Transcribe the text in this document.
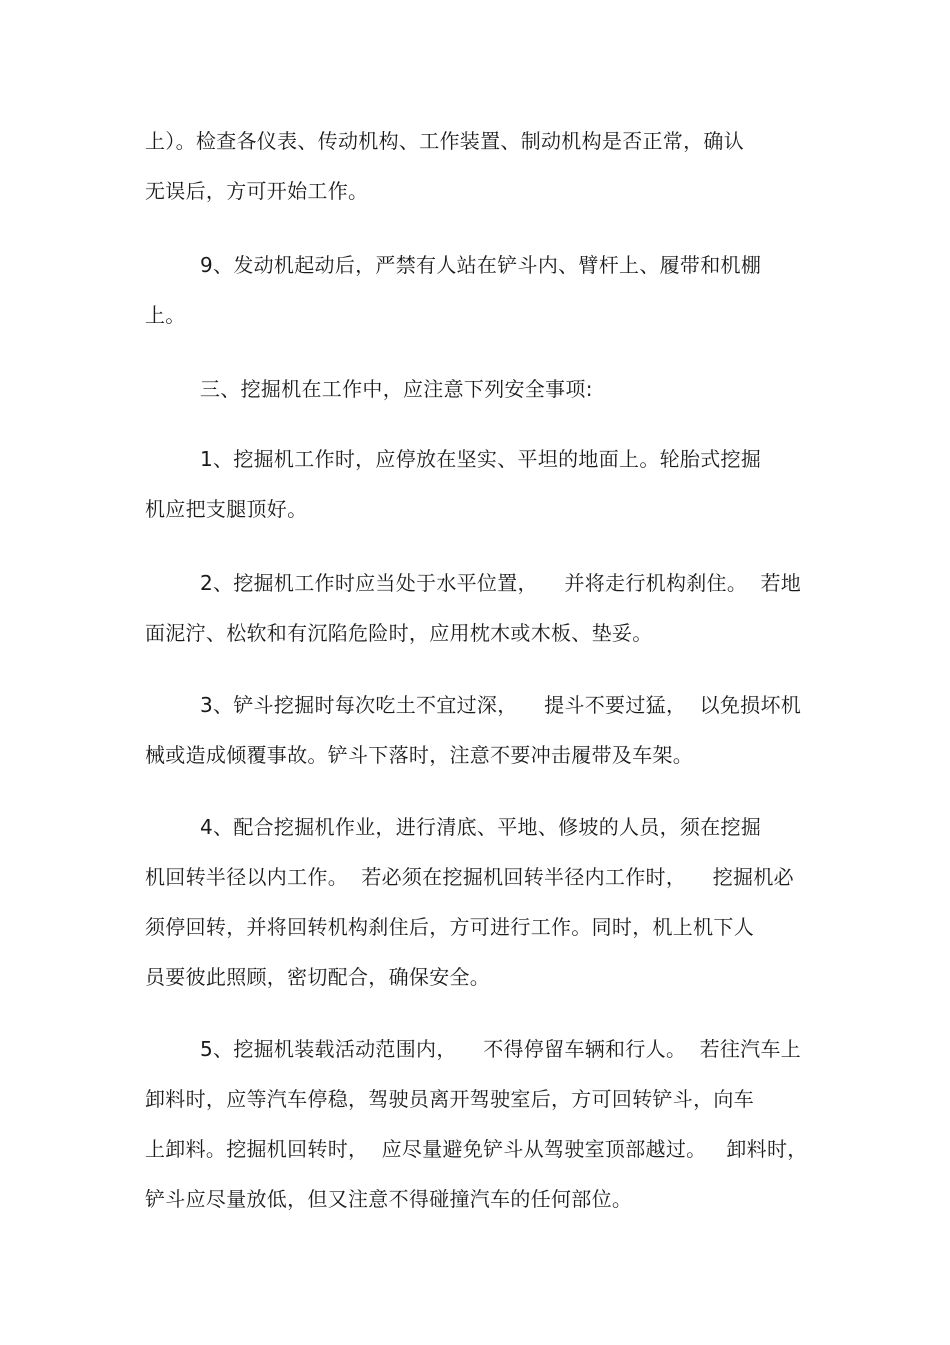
上）。检查各仪表、传动机构、工作装置、制动机构是否正常，确认
无误后，方可开始工作。
9、发动机起动后，严禁有人站在铲斗内、臂杆上、履带和机棚
上。
三、挖掘机在工作中，应注意下列安全事项:
1、挖掘机工作时，应停放在坚实、平坦的地面上。轮胎式挖掘
机应把支腿顶好。
2、挖掘机工作时应当处于水平位置，    并将走行机构刹住。  若地
面泥泞、松软和有沉陷危险时，应用枕木或木板、垫妥。
3、铲斗挖掘时每次吃土不宜过深，    提斗不要过猛，  以免损坏机
械或造成倾覆事故。铲斗下落时，注意不要冲击履带及车架。
4、配合挖掘机作业，进行清底、平地、修坡的人员，须在挖掘
机回转半径以内工作。  若必须在挖掘机回转半径内工作时，    挖掘机必
须停回转，并将回转机构刹住后，方可进行工作。同时，机上机下人
员要彼此照顾，密切配合，确保安全。
5、挖掘机装载活动范围内，    不得停留车辆和行人。  若往汽车上
卸料时，应等汽车停稳，驾驶员离开驾驶室后，方可回转铲斗，向车
上卸料。挖掘机回转时，  应尽量避免铲斗从驾驶室顶部越过。   卸料时，
铲斗应尽量放低，但又注意不得碰撞汽车的任何部位。
